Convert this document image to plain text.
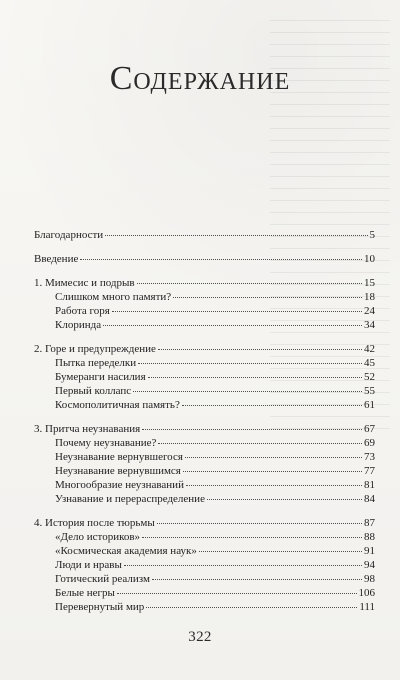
Содержание
Благодарности	5
Введение	10
1. Мимесис и подрыв	15
Слишком много памяти?	18
Работа горя	24
Клоринда	34
2. Горе и предупреждение	42
Пытка переделки	45
Бумеранги насилия	52
Первый коллапс	55
Космополитичная память?	61
3. Притча неузнавания	67
Почему неузнавание?	69
Неузнавание вернувшегося	73
Неузнавание вернувшимся	77
Многообразие неузнаваний	81
Узнавание и перераспределение	84
4. История после тюрьмы	87
«Дело историков»	88
«Космическая академия наук»	91
Люди и нравы	94
Готический реализм	98
Белые негры	106
Перевернутый мир	111
322
